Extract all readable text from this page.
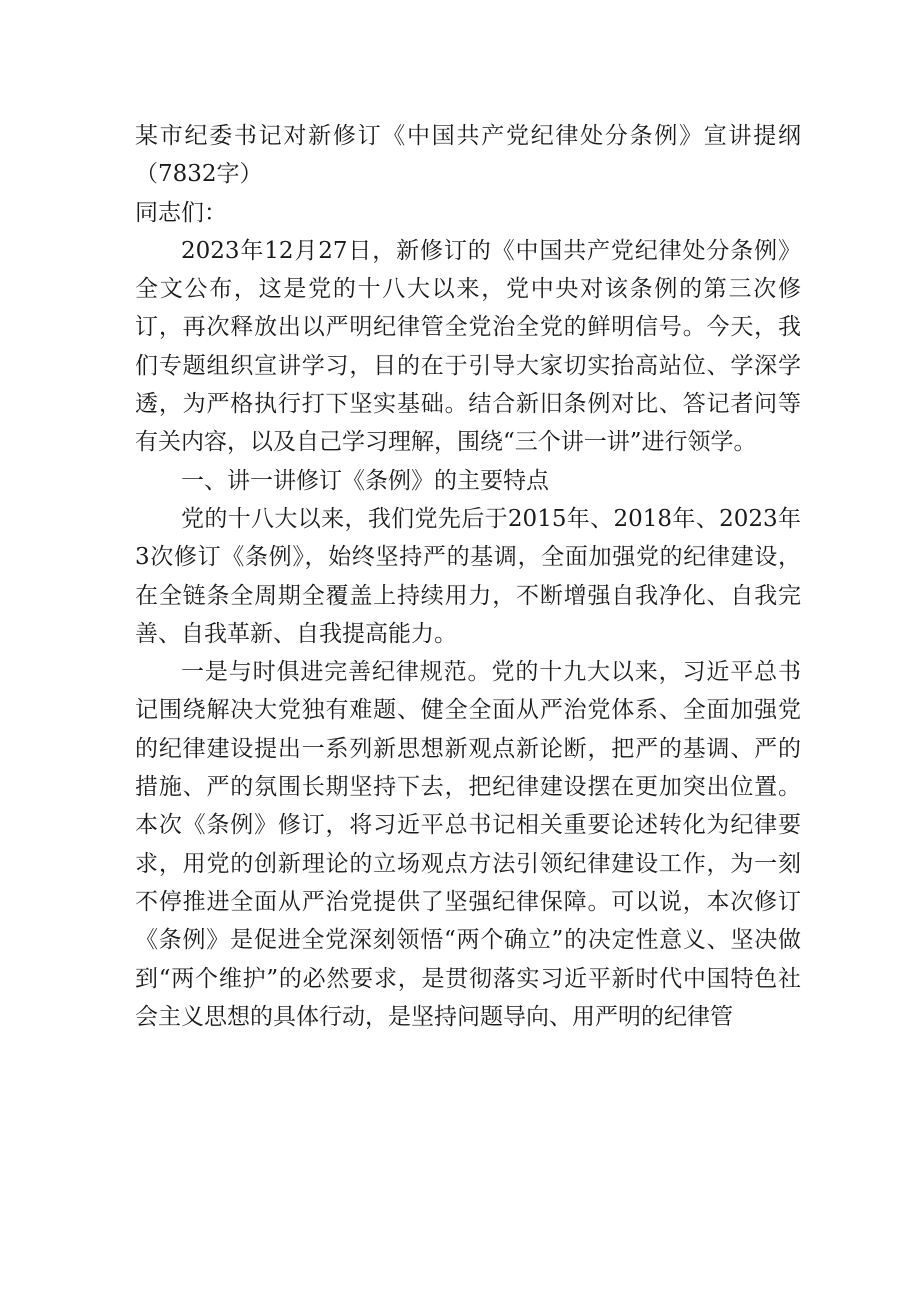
某市纪委书记对新修订《中国共产党纪律处分条例》宣讲提纲（7832字）

同志们：

2023年12月27日，新修订的《中国共产党纪律处分条例》全文公布，这是党的十八大以来，党中央对该条例的第三次修订，再次释放出以严明纪律管全党治全党的鲜明信号。今天，我们专题组织宣讲学习，目的在于引导大家切实抬高站位、学深学透，为严格执行打下坚实基础。结合新旧条例对比、答记者问等有关内容，以及自己学习理解，围绕“三个讲一讲”进行领学。

一、讲一讲修订《条例》的主要特点

党的十八大以来，我们党先后于2015年、2018年、2023年3次修订《条例》，始终坚持严的基调，全面加强党的纪律建设，在全链条全周期全覆盖上持续用力，不断增强自我净化、自我完善、自我革新、自我提高能力。

一是与时俱进完善纪律规范。党的十九大以来，习近平总书记围绕解决大党独有难题、健全全面从严治党体系、全面加强党的纪律建设提出一系列新思想新观点新论断，把严的基调、严的措施、严的氛围长期坚持下去，把纪律建设摆在更加突出位置。本次《条例》修订，将习近平总书记相关重要论述转化为纪律要求，用党的创新理论的立场观点方法引领纪律建设工作，为一刻不停推进全面从严治党提供了坚强纪律保障。可以说，本次修订《条例》是促进全党深刻领悟“两个确立”的决定性意义、坚决做到“两个维护”的必然要求，是贯彻落实习近平新时代中国特色社会主义思想的具体行动，是坚持问题导向、用严明的纪律管
